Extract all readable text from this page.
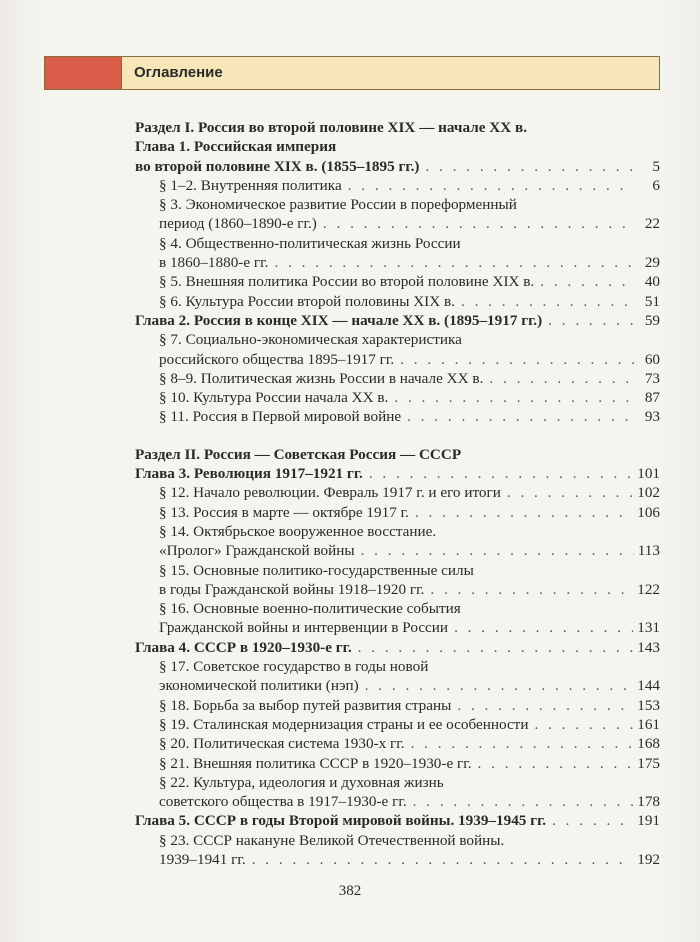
Оглавление
Раздел I. Россия во второй половине XIX — начале XX в.
Глава 1. Российская империя
во второй половине XIX в. (1855–1895 гг.) . . .	5
§ 1–2. Внутренняя политика . . .	6
§ 3. Экономическое развитие России в пореформенный
период (1860–1890-е гг.) . . .	22
§ 4. Общественно-политическая жизнь России
в 1860–1880-е гг. . . .	29
§ 5. Внешняя политика России во второй половине XIX в. . . .	40
§ 6. Культура России второй половины XIX в. . . .	51
Глава 2. Россия в конце XIX — начале XX в. (1895–1917 гг.) . . .	59
§ 7. Социально-экономическая характеристика
российского общества 1895–1917 гг. . . .	60
§ 8–9. Политическая жизнь России в начале XX в. . . .	73
§ 10. Культура России начала XX в. . . .	87
§ 11. Россия в Первой мировой войне . . .	93
Раздел II. Россия — Советская Россия — СССР
Глава 3. Революция 1917–1921 гг. . . .	101
§ 12. Начало революции. Февраль 1917 г. и его итоги . . .	102
§ 13. Россия в марте — октябре 1917 г. . . .	106
§ 14. Октябрьское вооруженное восстание.
«Пролог» Гражданской войны . . .	113
§ 15. Основные политико-государственные силы
в годы Гражданской войны 1918–1920 гг. . . .	122
§ 16. Основные военно-политические события
Гражданской войны и интервенции в России . . .	131
Глава 4. СССР в 1920–1930-е гг. . . .	143
§ 17. Советское государство в годы новой
экономической политики (нэп) . . .	144
§ 18. Борьба за выбор путей развития страны . . .	153
§ 19. Сталинская модернизация страны и ее особенности . . .	161
§ 20. Политическая система 1930-х гг. . . .	168
§ 21. Внешняя политика СССР в 1920–1930-е гг. . . .	175
§ 22. Культура, идеология и духовная жизнь
советского общества в 1917–1930-е гг. . . .	178
Глава 5. СССР в годы Второй мировой войны. 1939–1945 гг. . . .	191
§ 23. СССР накануне Великой Отечественной войны.
1939–1941 гг. . . .	192
382
